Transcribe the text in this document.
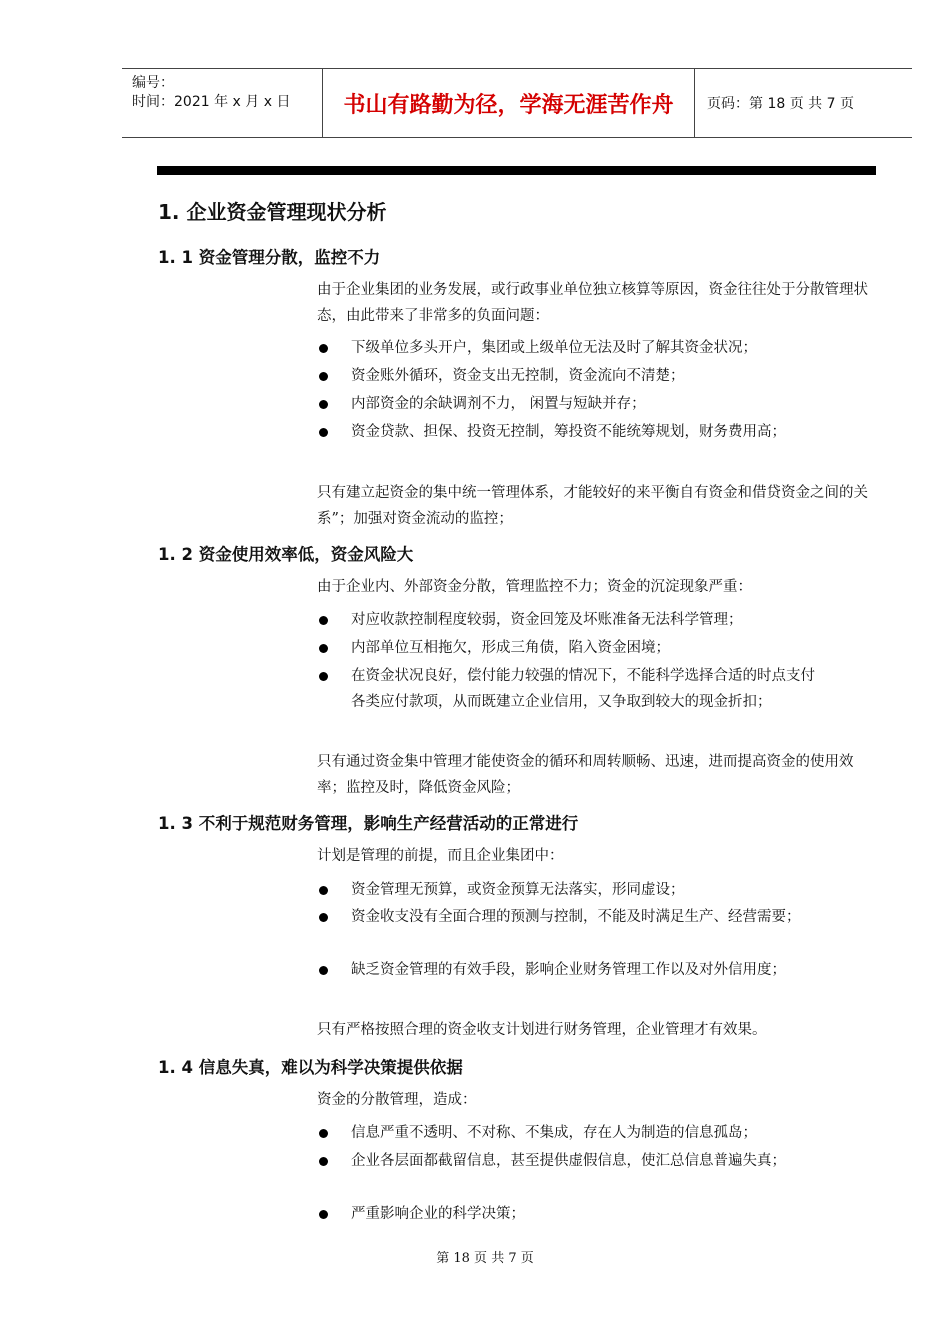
编号：
时间：2021 年 x 月 x 日	书山有路勤为径，学海无涯苦作舟	页码：第 18 页 共 7 页
1. 企业资金管理现状分析
1. 1 资金管理分散，监控不力
由于企业集团的业务发展，或行政事业单位独立核算等原因，资金往往处于分散管理状态，由此带来了非常多的负面问题：
下级单位多头开户，集团或上级单位无法及时了解其资金状况；
资金账外循环，资金支出无控制，资金流向不清楚；
内部资金的余缺调剂不力， 闲置与短缺并存；
资金贷款、担保、投资无控制，筹投资不能统筹规划，财务费用高；
只有建立起资金的集中统一管理体系，才能较好的来平衡自有资金和借贷资金之间的关系”；加强对资金流动的监控；
1. 2 资金使用效率低，资金风险大
由于企业内、外部资金分散，管理监控不力；资金的沉淀现象严重：
对应收款控制程度较弱，资金回笼及坏账准备无法科学管理；
内部单位互相拖欠，形成三角债，陷入资金困境；
在资金状况良好，偿付能力较强的情况下，不能科学选择合适的时点支付各类应付款项，从而既建立企业信用，又争取到较大的现金折扣；
只有通过资金集中管理才能使资金的循环和周转顺畅、迅速，进而提高资金的使用效率；监控及时，降低资金风险；
1. 3 不利于规范财务管理，影响生产经营活动的正常进行
计划是管理的前提，而且企业集团中：
资金管理无预算，或资金预算无法落实，形同虚设；
资金收支没有全面合理的预测与控制，不能及时满足生产、经营需要；
缺乏资金管理的有效手段，影响企业财务管理工作以及对外信用度；
只有严格按照合理的资金收支计划进行财务管理，企业管理才有效果。
1. 4 信息失真，难以为科学决策提供依据
资金的分散管理，造成：
信息严重不透明、不对称、不集成，存在人为制造的信息孤岛；
企业各层面都截留信息，甚至提供虚假信息，使汇总信息普遍失真；
严重影响企业的科学决策；
第 18 页 共 7 页
